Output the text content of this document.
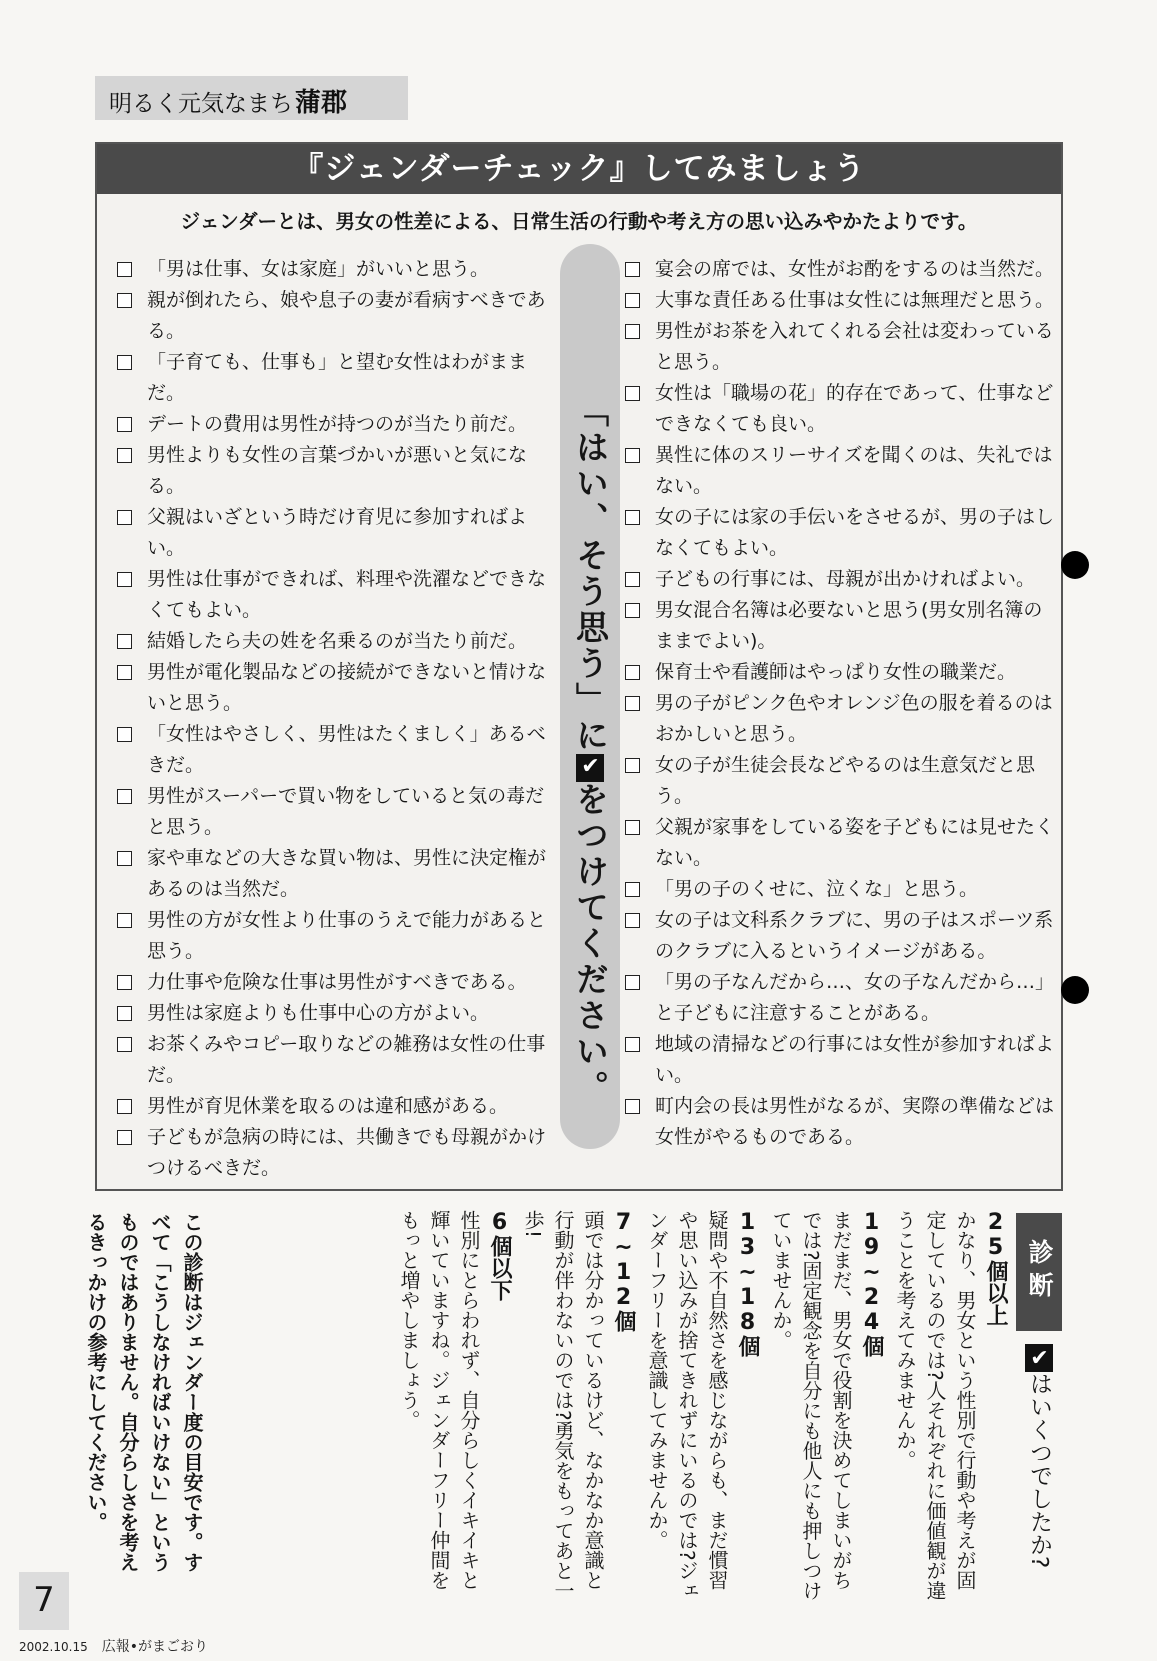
明るく元気なまち蒲郡
『ジェンダーチェック』してみましょう
ジェンダーとは、男女の性差による、日常生活の行動や考え方の思い込みやかたよりです。
「男は仕事、女は家庭」がいいと思う。
親が倒れたら、娘や息子の妻が看病すべきである。
「子育ても、仕事も」と望む女性はわがままだ。
デートの費用は男性が持つのが当たり前だ。
男性よりも女性の言葉づかいが悪いと気になる。
父親はいざという時だけ育児に参加すればよい。
男性は仕事ができれば、料理や洗濯などできなくてもよい。
結婚したら夫の姓を名乗るのが当たり前だ。
男性が電化製品などの接続ができないと情けないと思う。
「女性はやさしく、男性はたくましく」あるべきだ。
男性がスーパーで買い物をしていると気の毒だと思う。
家や車などの大きな買い物は、男性に決定権があるのは当然だ。
男性の方が女性より仕事のうえで能力があると思う。
力仕事や危険な仕事は男性がすべきである。
男性は家庭よりも仕事中心の方がよい。
お茶くみやコピー取りなどの雑務は女性の仕事だ。
男性が育児休業を取るのは違和感がある。
子どもが急病の時には、共働きでも母親がかけつけるべきだ。
「はい、そう思う」に✔をつけてください。
宴会の席では、女性がお酌をするのは当然だ。
大事な責任ある仕事は女性には無理だと思う。
男性がお茶を入れてくれる会社は変わっていると思う。
女性は「職場の花」的存在であって、仕事などできなくても良い。
異性に体のスリーサイズを聞くのは、失礼ではない。
女の子には家の手伝いをさせるが、男の子はしなくてもよい。
子どもの行事には、母親が出かければよい。
男女混合名簿は必要ないと思う(男女別名簿のままでよい)。
保育士や看護師はやっぱり女性の職業だ。
男の子がピンク色やオレンジ色の服を着るのはおかしいと思う。
女の子が生徒会長などやるのは生意気だと思う。
父親が家事をしている姿を子どもには見せたくない。
「男の子のくせに、泣くな」と思う。
女の子は文科系クラブに、男の子はスポーツ系のクラブに入るというイメージがある。
「男の子なんだから…、女の子なんだから…」と子どもに注意することがある。
地域の清掃などの行事には女性が参加すればよい。
町内会の長は男性がなるが、実際の準備などは女性がやるものである。
診断
✔はいくつでしたか?
25個以上
かなり、男女という性別で行動や考えが固定しているのでは?人それぞれに価値観が違うことを考えてみませんか。
19~24個
まだまだ、男女で役割を決めてしまいがちでは?固定観念を自分にも他人にも押しつけていませんか。
13~18個
疑問や不自然さを感じながらも、まだ慣習や思い込みが捨てきれずにいるのでは?ジェンダーフリーを意識してみませんか。
7~12個
頭では分かっているけど、なかなか意識と行動が伴わないのでは?勇気をもってあと一歩!
6個以下
性別にとらわれず、自分らしくイキイキと輝いていますね。ジェンダーフリー仲間をもっと増やしましょう。
この診断はジェンダー度の目安です。すべて「こうしなければいけない」というものではありません。自分らしさを考えるきっかけの参考にしてください。
7
2002.10.15 広報•がまごおり
